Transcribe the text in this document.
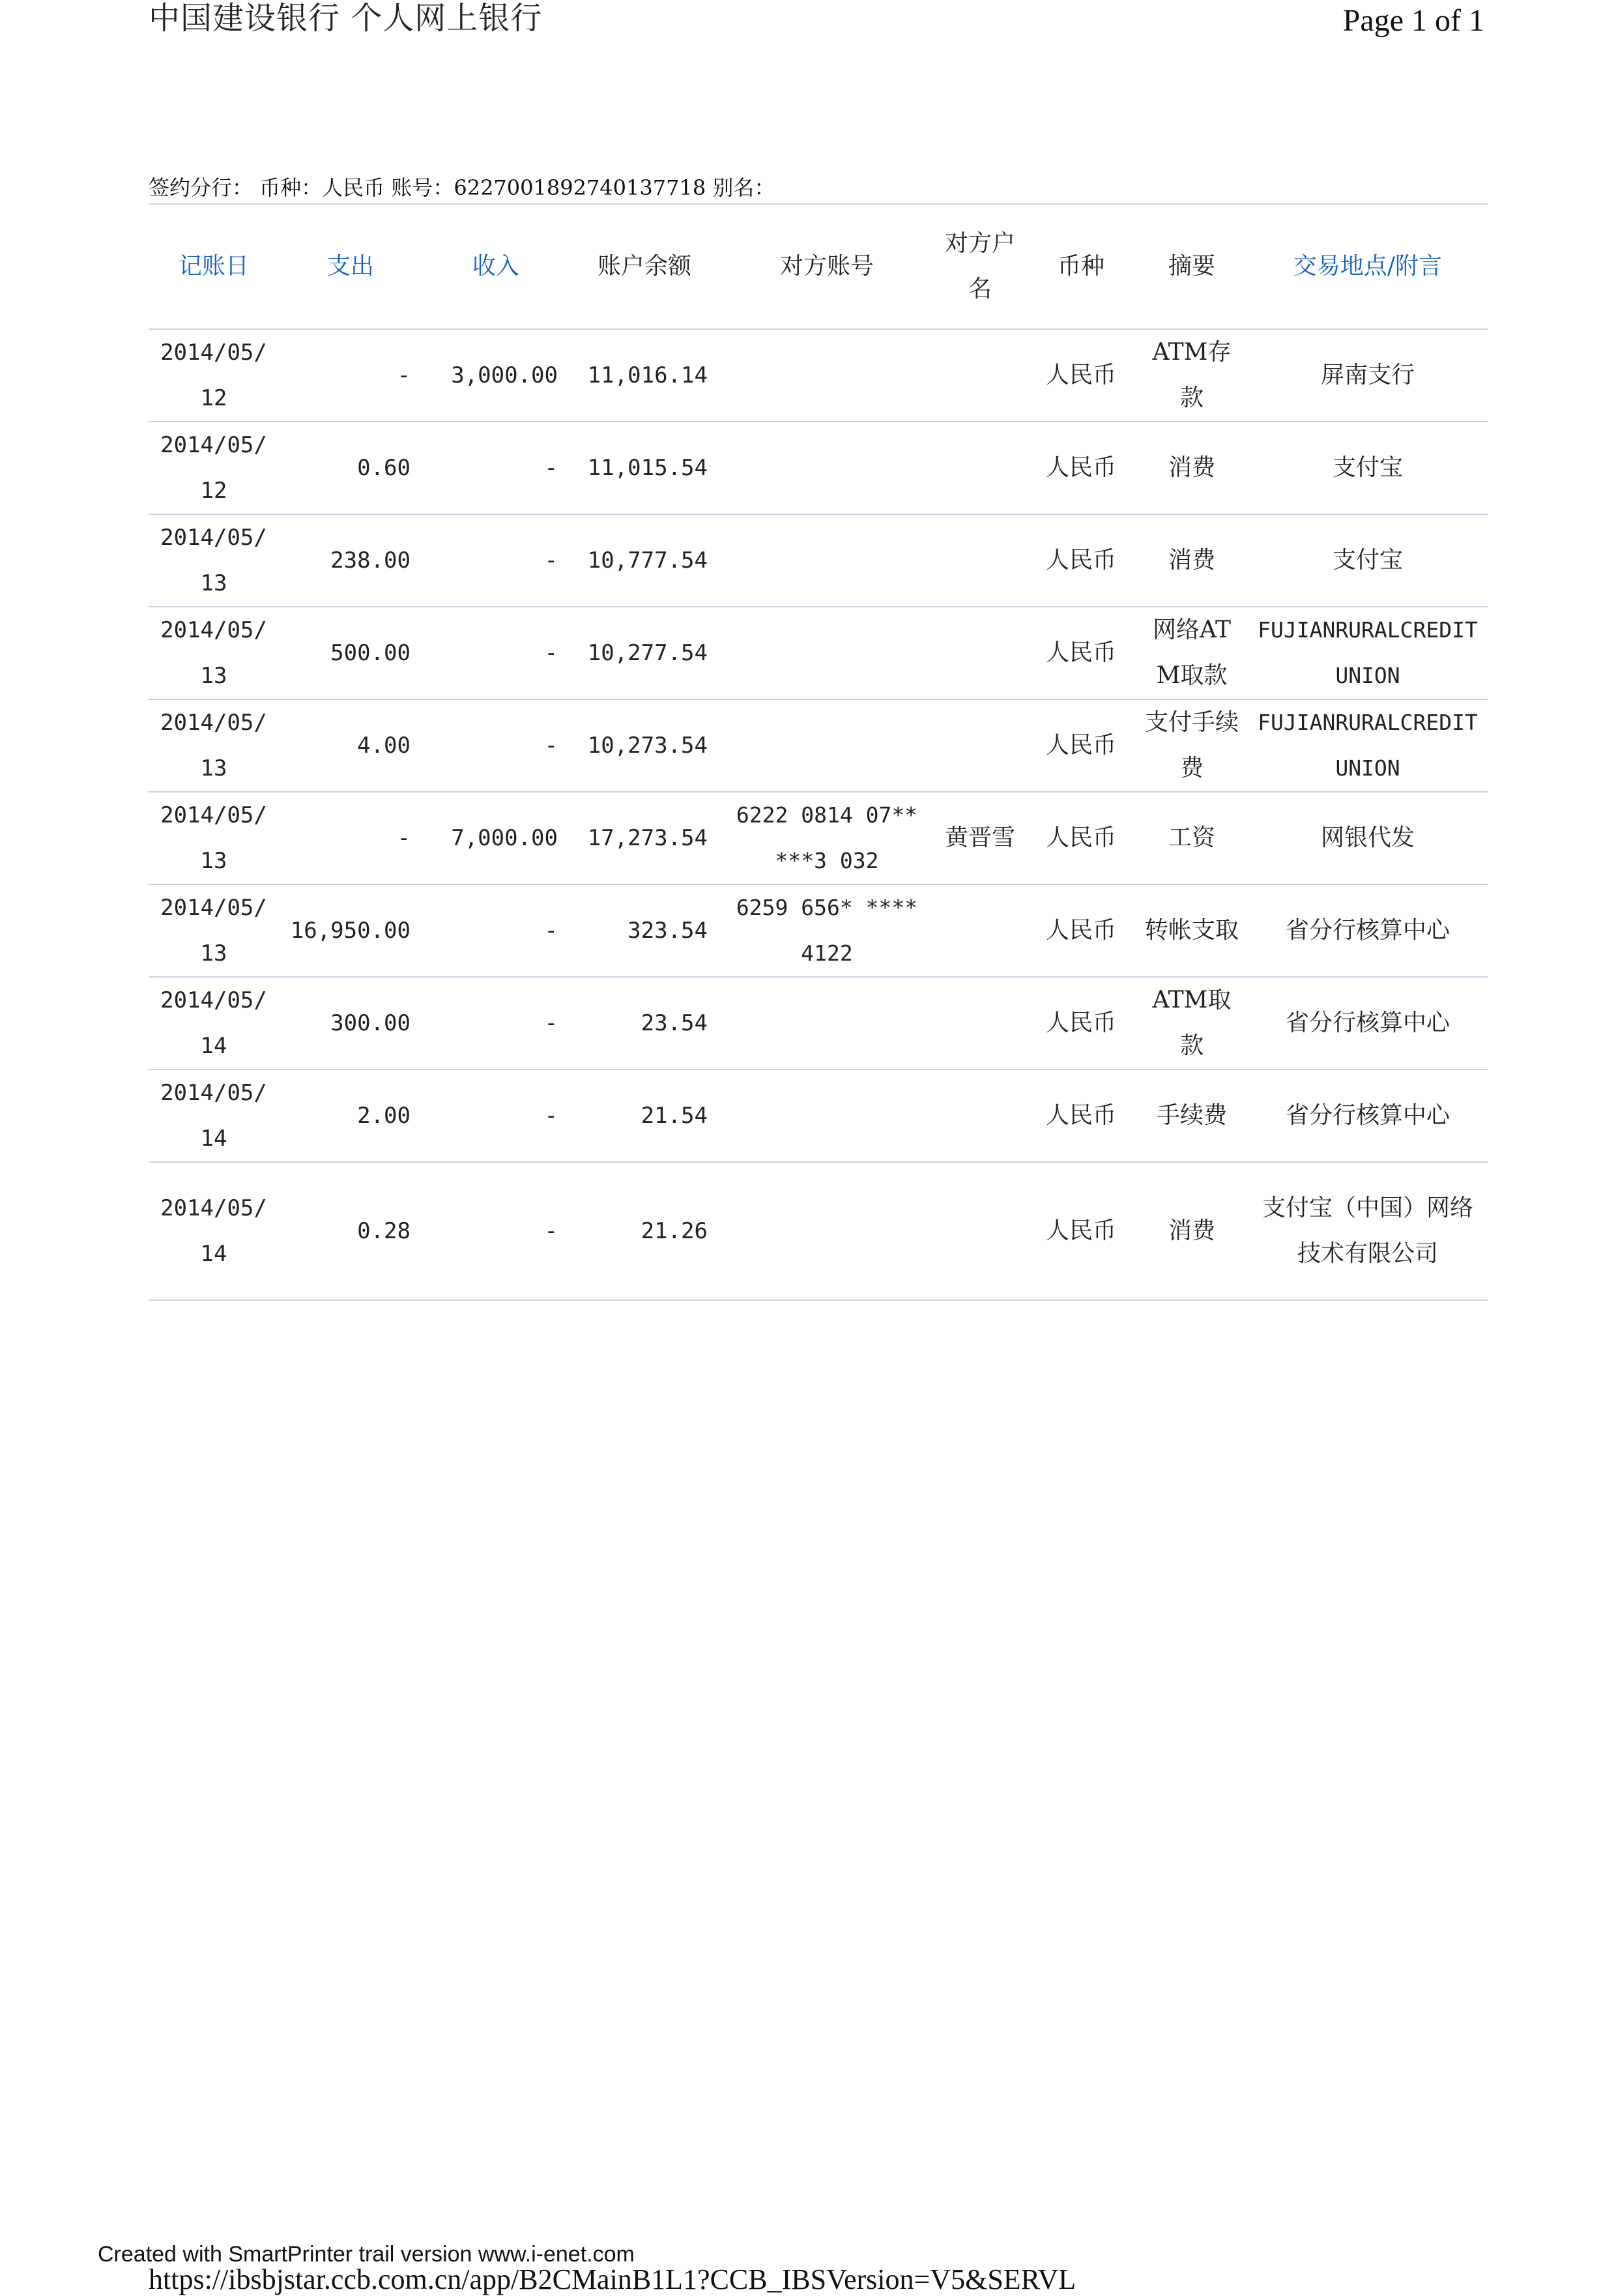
中国建设银行 个人网上银行	Page 1 of 1
签约分行： 币种：人民币 账号：6227001892740137718 别名：
记账日	支出	收入	账户余额	对方账号	对方户名	币种	摘要	交易地点/附言
2014/05/12	-	3,000.00	11,016.14			人民币	ATM存款	屏南支行
2014/05/12	0.60	-	11,015.54			人民币	消费	支付宝
2014/05/13	238.00	-	10,777.54			人民币	消费	支付宝
2014/05/13	500.00	-	10,277.54			人民币	网络ATM取款	FUJIANRURALCREDITUNION
2014/05/13	4.00	-	10,273.54			人民币	支付手续费	FUJIANRURALCREDITUNION
2014/05/13	-	7,000.00	17,273.54	6222 0814 07** ***3 032	黄晋雪	人民币	工资	网银代发
2014/05/13	16,950.00	-	323.54	6259 656* **** 4122		人民币	转帐支取	省分行核算中心
2014/05/14	300.00	-	23.54			人民币	ATM取款	省分行核算中心
2014/05/14	2.00	-	21.54			人民币	手续费	省分行核算中心
2014/05/14	0.28	-	21.26			人民币	消费	支付宝（中国）网络技术有限公司
Created with SmartPrinter trail version www.i-enet.com
https://ibsbjstar.ccb.com.cn/app/B2CMainB1L1?CCB_IBSVersion=V5&SERVL
